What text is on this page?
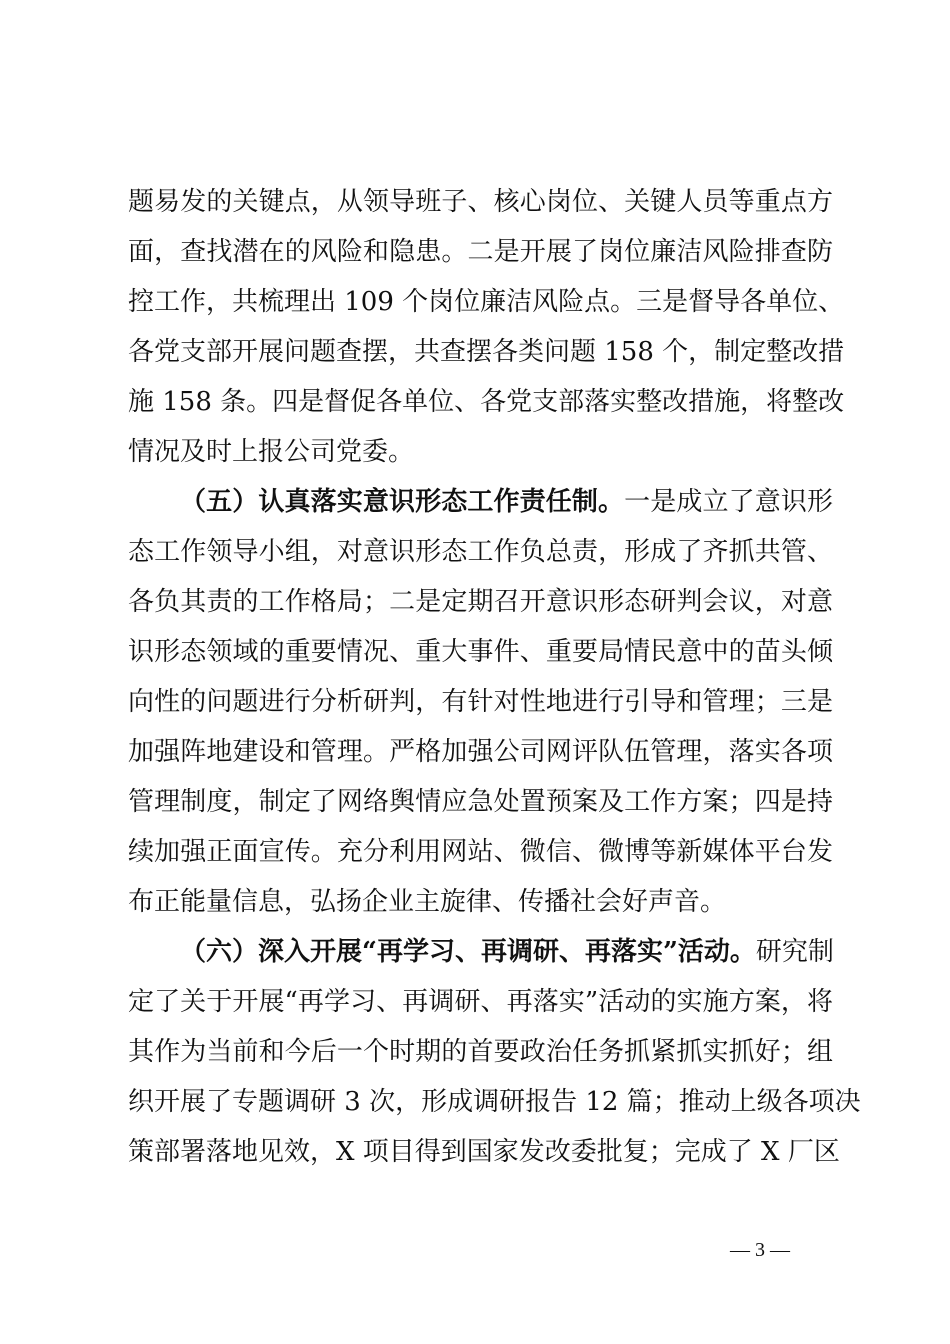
题易发的关键点，从领导班子、核心岗位、关键人员等重点方
面，查找潜在的风险和隐患。二是开展了岗位廉洁风险排查防
控工作，共梳理出 109 个岗位廉洁风险点。三是督导各单位、
各党支部开展问题查摆，共查摆各类问题 158 个，制定整改措
施 158 条。四是督促各单位、各党支部落实整改措施，将整改
情况及时上报公司党委。
（五）认真落实意识形态工作责任制。一是成立了意识形
态工作领导小组，对意识形态工作负总责，形成了齐抓共管、
各负其责的工作格局；二是定期召开意识形态研判会议，对意
识形态领域的重要情况、重大事件、重要局情民意中的苗头倾
向性的问题进行分析研判，有针对性地进行引导和管理；三是
加强阵地建设和管理。严格加强公司网评队伍管理，落实各项
管理制度，制定了网络舆情应急处置预案及工作方案；四是持
续加强正面宣传。充分利用网站、微信、微博等新媒体平台发
布正能量信息，弘扬企业主旋律、传播社会好声音。
（六）深入开展“再学习、再调研、再落实”活动。研究制
定了关于开展“再学习、再调研、再落实”活动的实施方案，将
其作为当前和今后一个时期的首要政治任务抓紧抓实抓好；组
织开展了专题调研 3 次，形成调研报告 12 篇；推动上级各项决
策部署落地见效，X 项目得到国家发改委批复；完成了 X 厂区
— 3 —
